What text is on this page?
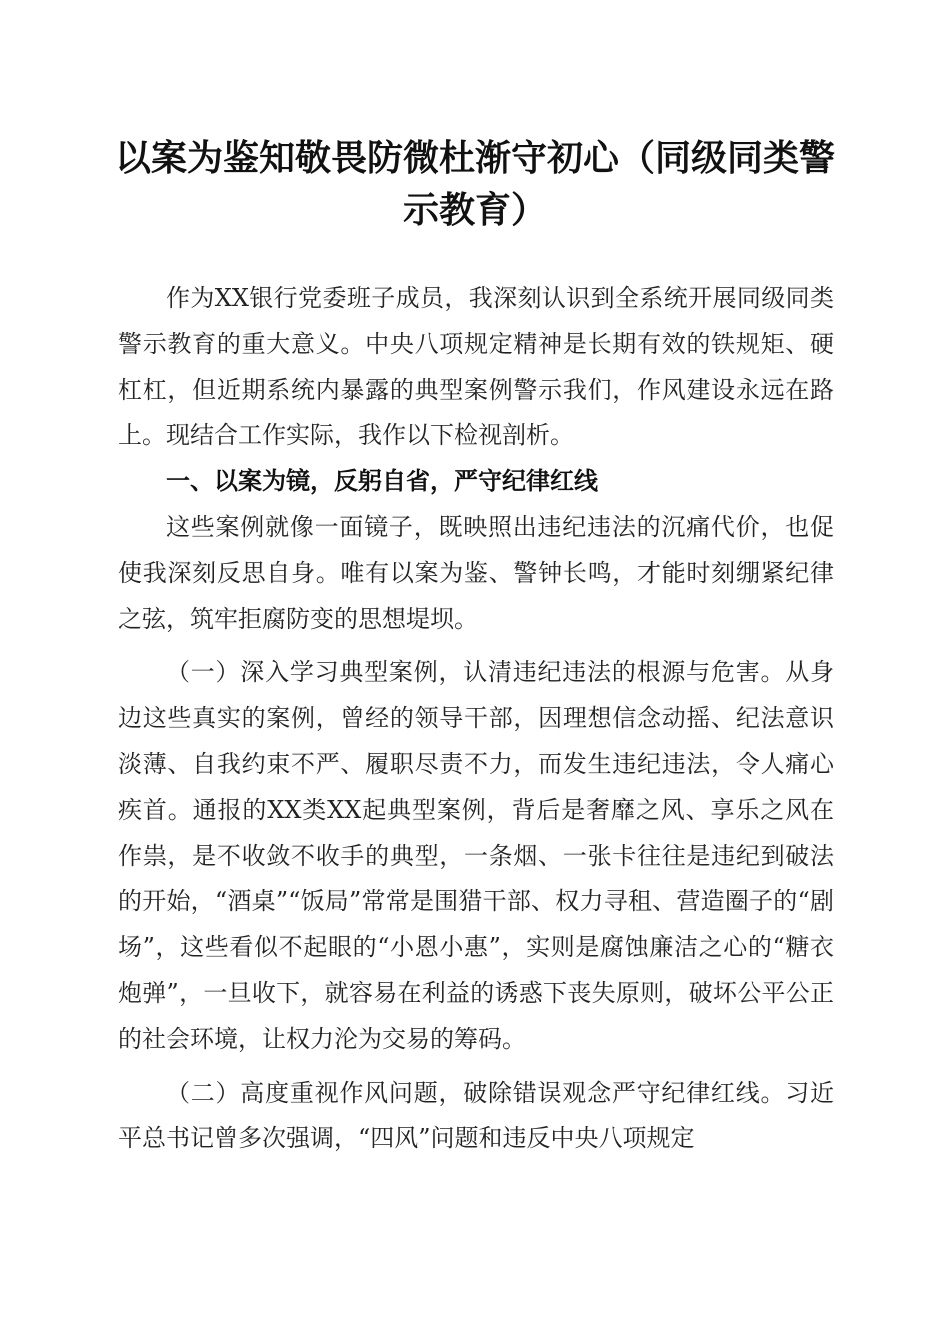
以案为鉴知敬畏防微杜渐守初心（同级同类警示教育）

作为XX银行党委班子成员，我深刻认识到全系统开展同级同类警示教育的重大意义。中央八项规定精神是长期有效的铁规矩、硬杠杠，但近期系统内暴露的典型案例警示我们，作风建设永远在路上。现结合工作实际，我作以下检视剖析。

一、以案为镜，反躬自省，严守纪律红线

这些案例就像一面镜子，既映照出违纪违法的沉痛代价，也促使我深刻反思自身。唯有以案为鉴、警钟长鸣，才能时刻绷紧纪律之弦，筑牢拒腐防变的思想堤坝。

（一）深入学习典型案例，认清违纪违法的根源与危害。从身边这些真实的案例，曾经的领导干部，因理想信念动摇、纪法意识淡薄、自我约束不严、履职尽责不力，而发生违纪违法，令人痛心疾首。通报的XX类XX起典型案例，背后是奢靡之风、享乐之风在作祟，是不收敛不收手的典型，一条烟、一张卡往往是违纪到破法的开始，“酒桌”“饭局”常常是围猎干部、权力寻租、营造圈子的“剧场”，这些看似不起眼的“小恩小惠”，实则是腐蚀廉洁之心的“糖衣炮弹”，一旦收下，就容易在利益的诱惑下丧失原则，破坏公平公正的社会环境，让权力沦为交易的筹码。

（二）高度重视作风问题，破除错误观念严守纪律红线。习近平总书记曾多次强调，“四风”问题和违反中央八项规定
